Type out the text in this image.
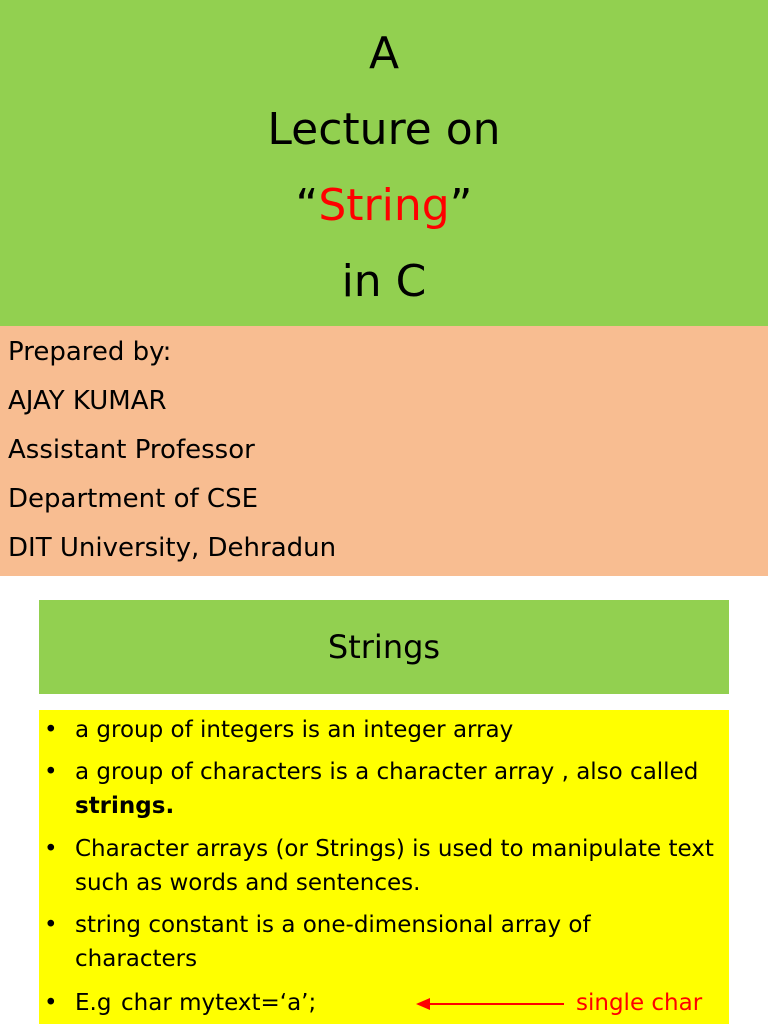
A
Lecture on
“String”
in C
Prepared by:
AJAY KUMAR
Assistant Professor
Department of CSE
DIT University, Dehradun
Strings
• a group of integers is an integer array
• a group of characters is a character array , also called strings.
• Character arrays (or Strings) is used to manipulate text such as words and sentences.
• string constant is a one-dimensional array of characters
• E.g char mytext=‘a’;	single char
